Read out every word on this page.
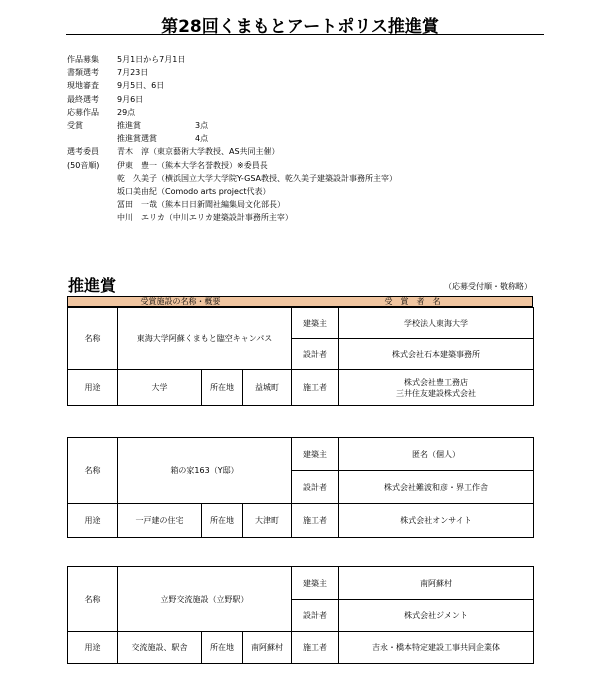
第28回くまもとアートポリス推進賞
作品募集 5月1日から7月1日
書類選考 7月23日
現地審査 9月5日、6日
最終選考 9月6日
応募作品 29点
受賞	推進賞	3点
推進賞選賞	4点
選考委員 青木　淳（東京藝術大学教授、AS共同主催）
(50音順) 伊東　豊一（熊本大学名誉教授）※委員長
乾　久美子（横浜国立大学大学院Y-GSA教授、乾久美子建築設計事務所主宰）
坂口美由紀（Comodo arts project代表）
冨田　一哉（熊本日日新聞社編集局文化部長）
中川　エリカ（中川エリカ建築設計事務所主宰）
推進賞	（応募受付順・敬称略）
受賞施設の名称・概要	受　賞　者　名
名称	東海大学阿蘇くまもと臨空キャンパス			建築主	学校法人東海大学
				設計者	株式会社石本建築事務所
用途	大学	所在地	益城町	施工者	株式会社豊工務店
三井住友建設株式会社
名称	箱の家163（Y邸）			建築主	匿名（個人）
				設計者	株式会社難波和彦・界工作舎
用途	一戸建の住宅	所在地	大津町	施工者	株式会社オンサイト
名称	立野交流施設（立野駅）			建築主	南阿蘇村
				設計者	株式会社ジメント
用途	交流施設、駅舎	所在地	南阿蘇村	施工者	吉永・橋本特定建設工事共同企業体
